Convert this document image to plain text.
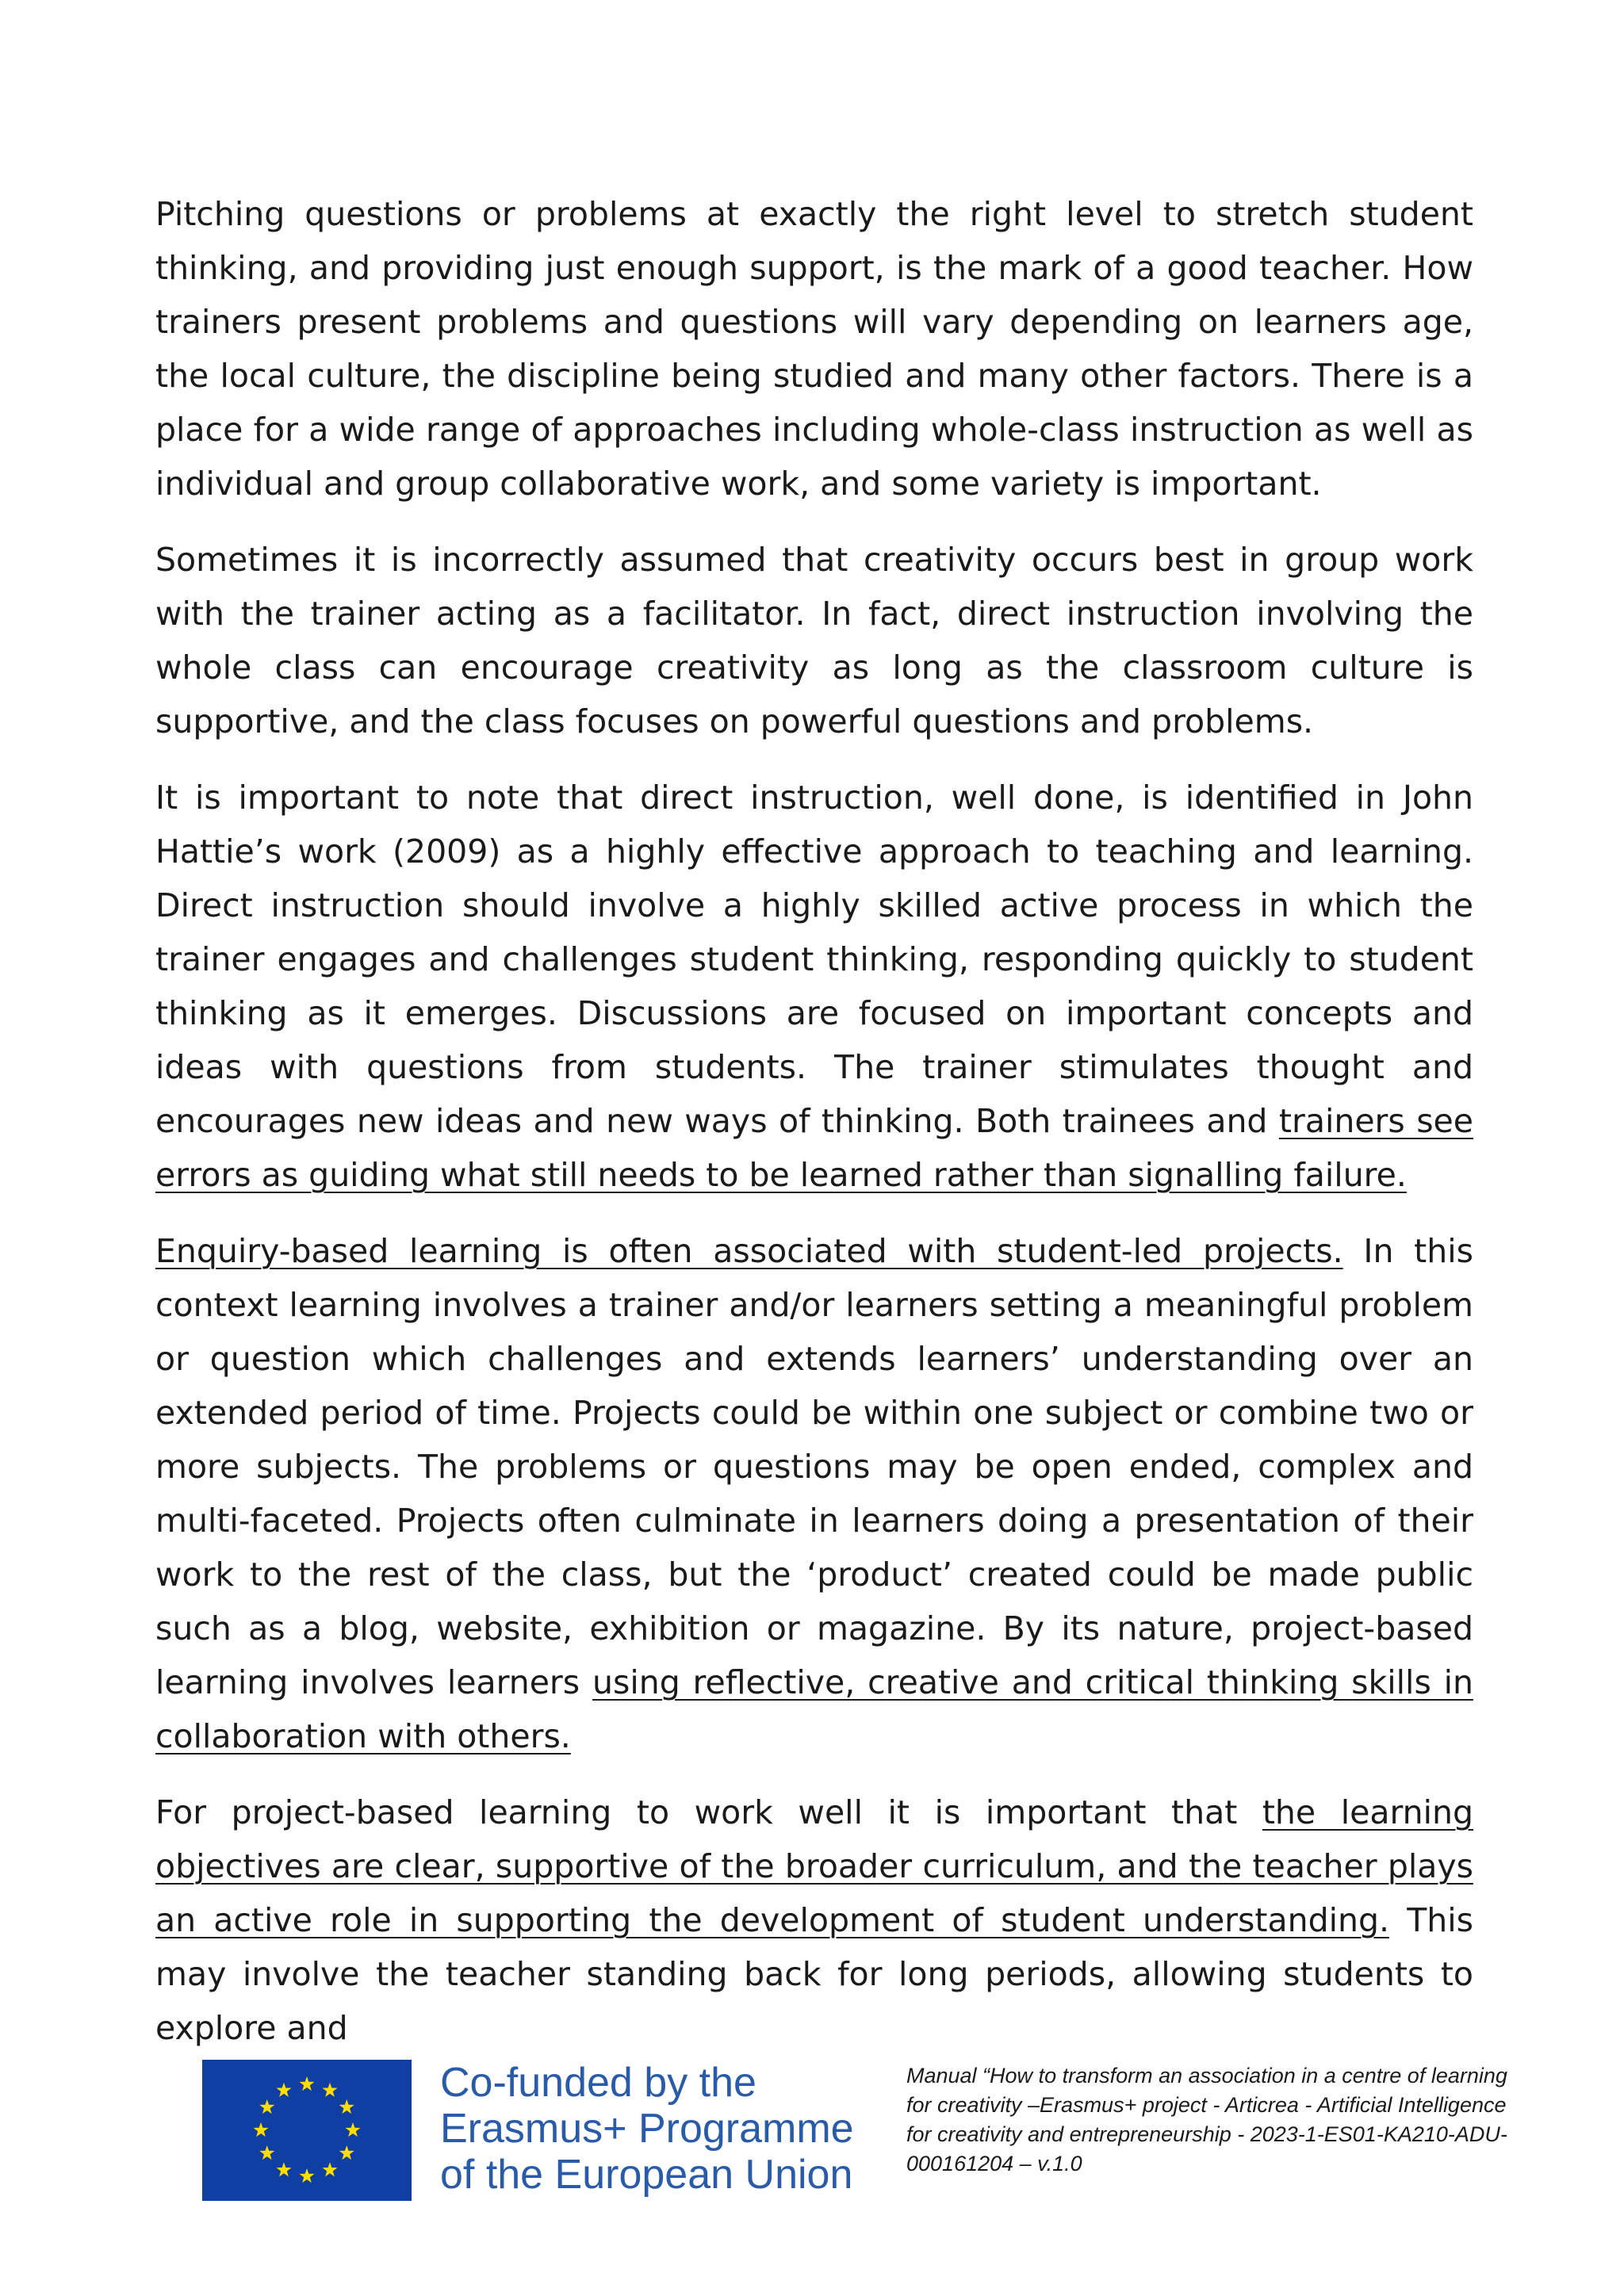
Pitching questions or problems at exactly the right level to stretch student thinking, and providing just enough support, is the mark of a good teacher. How trainers present problems and questions will vary depending on learners age, the local culture, the discipline being studied and many other factors. There is a place for a wide range of approaches including whole-class instruction as well as individual and group collaborative work, and some variety is important.

Sometimes it is incorrectly assumed that creativity occurs best in group work with the trainer acting as a facilitator. In fact, direct instruction involving the whole class can encourage creativity as long as the classroom culture is supportive, and the class focuses on powerful questions and problems.

It is important to note that direct instruction, well done, is identified in John Hattie’s work (2009) as a highly effective approach to teaching and learning. Direct instruction should involve a highly skilled active process in which the trainer engages and challenges student thinking, responding quickly to student thinking as it emerges. Discussions are focused on important concepts and ideas with questions from students. The trainer stimulates thought and encourages new ideas and new ways of thinking. Both trainees and trainers see errors as guiding what still needs to be learned rather than signalling failure.

Enquiry-based learning is often associated with student-led projects. In this context learning involves a trainer and/or learners setting a meaningful problem or question which challenges and extends learners’ understanding over an extended period of time. Projects could be within one subject or combine two or more subjects. The problems or questions may be open ended, complex and multi-faceted. Projects often culminate in learners doing a presentation of their work to the rest of the class, but the ‘product’ created could be made public such as a blog, website, exhibition or magazine. By its nature, project-based learning involves learners using reflective, creative and critical thinking skills in collaboration with others.

For project-based learning to work well it is important that the learning objectives are clear, supportive of the broader curriculum, and the teacher plays an active role in supporting the development of student understanding. This may involve the teacher standing back for long periods, allowing students to explore and

Co-funded by the
Erasmus+ Programme
of the European Union
Manual “How to transform an association in a centre of learning for creativity –Erasmus+ project - Articrea - Artificial Intelligence for creativity and entrepreneurship - 2023-1-ES01-KA210-ADU-000161204 – v.1.0
